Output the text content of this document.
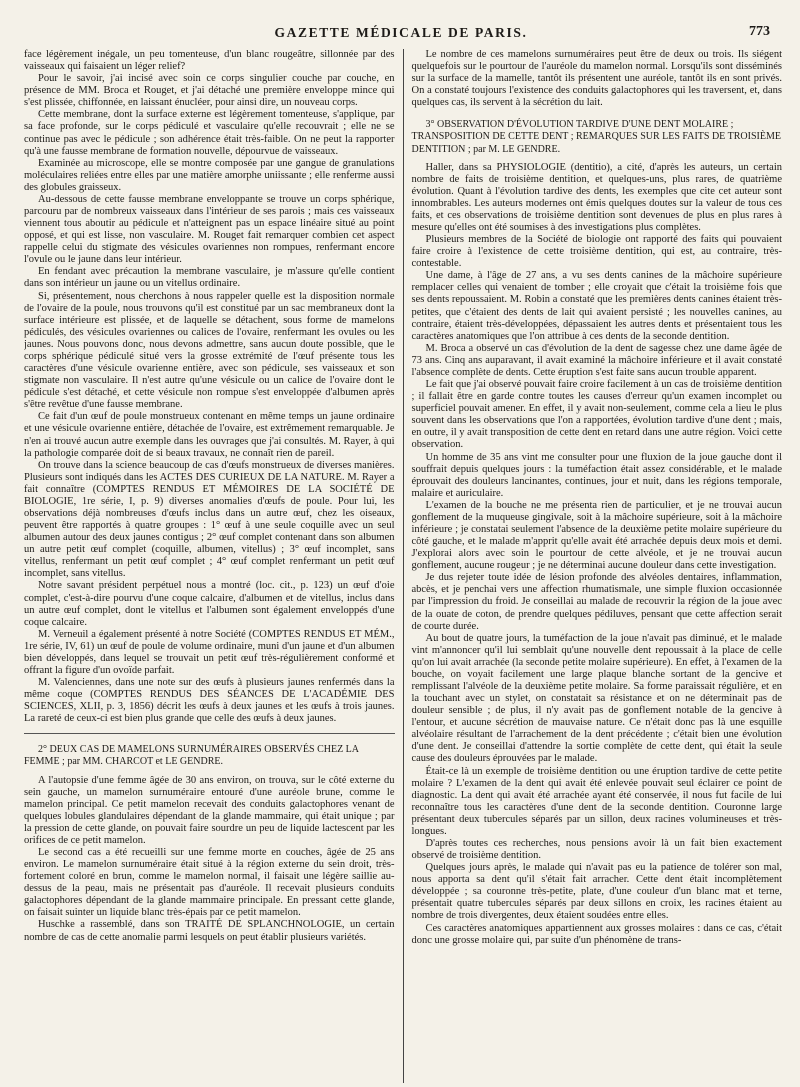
GAZETTE MÉDICALE DE PARIS.	773

face légèrement inégale, un peu tomenteuse, d'un blanc rougeâtre, sillonnée par des vaisseaux qui faisaient un léger relief?

Pour le savoir, j'ai incisé avec soin ce corps singulier couche par couche, en présence de MM. Broca et Rouget, et j'ai détaché une première enveloppe mince qui s'est plissée, chiffonnée, en laissant énucléer, pour ainsi dire, un nouveau corps.

Cette membrane, dont la surface externe est légèrement tomenteuse, s'applique, par sa face profonde, sur le corps pédiculé et vasculaire qu'elle recouvrait ; elle ne se continue pas avec le pédicule ; son adhérence était très-faible. On ne peut la rapporter qu'à une fausse membrane de formation nouvelle, dépourvue de vaisseaux.

Examinée au microscope, elle se montre composée par une gangue de granulations moléculaires reliées entre elles par une matière amorphe uniissante ; elle renferme aussi des globules graisseux.

Au-dessous de cette fausse membrane enveloppante se trouve un corps sphérique, parcouru par de nombreux vaisseaux dans l'intérieur de ses parois ; mais ces vaisseaux viennent tous aboutir au pédicule et n'atteignent pas un espace linéaire situé au point opposé, et qui est lisse, non vasculaire. M. Rouget fait remarquer combien cet aspect rappelle celui du stigmate des vésicules ovariennes non rompues, renfermant encore l'ovule ou le jaune dans leur intérieur.

En fendant avec précaution la membrane vasculaire, je m'assure qu'elle contient dans son intérieur un jaune ou un vitellus ordinaire.

Si, présentement, nous cherchons à nous rappeler quelle est la disposition normale de l'ovaire de la poule, nous trouvons qu'il est constitué par un sac membraneux dont la surface intérieure est plissée, et de laquelle se détachent, sous forme de mamelons pédiculés, des vésicules ovariennes ou calices de l'ovaire, renfermant les ovules ou les jaunes. Nous pouvons donc, nous devons admettre, sans aucun doute possible, que le corps sphérique pédiculé situé vers la grosse extrémité de l'œuf présente tous les caractères d'une vésicule ovarienne entière, avec son pédicule, ses vaisseaux et son stigmate non vasculaire. Il n'est autre qu'une vésicule ou un calice de l'ovaire dont le pédicule s'est détaché, et cette vésicule non rompue s'est enveloppée d'albumen après s'être revêtue d'une fausse membrane.

Ce fait d'un œuf de poule monstrueux contenant en même temps un jaune ordinaire et une vésicule ovarienne entière, détachée de l'ovaire, est extrêmement remarquable. Je n'en ai trouvé aucun autre exemple dans les ouvrages que j'ai consultés. M. Rayer, à qui la pathologie comparée doit de si beaux travaux, ne connaît rien de pareil.

On trouve dans la science beaucoup de cas d'œufs monstrueux de diverses manières. Plusieurs sont indiqués dans les ACTES DES CURIEUX DE LA NATURE. M. Rayer a fait connaître (COMPTES RENDUS ET MÉMOIRES DE LA SOCIÉTÉ DE BIOLOGIE, 1re série, I, p. 9) diverses anomalies d'œufs de poule. Pour lui, les observations déjà nombreuses d'œufs inclus dans un autre œuf, chez les oiseaux, peuvent être rapportés à quatre groupes : 1° œuf à une seule coquille avec un seul albumen autour des deux jaunes contigus ; 2° œuf complet contenant dans son albumen un autre petit œuf complet (coquille, albumen, vitellus) ; 3° œuf incomplet, sans vitellus, renfermant un petit œuf complet ; 4° œuf complet renfermant un petit œuf incomplet, sans vitellus.

Notre savant président perpétuel nous a montré (loc. cit., p. 123) un œuf d'oie complet, c'est-à-dire pourvu d'une coque calcaire, d'albumen et de vitellus, inclus dans un autre œuf complet, dont le vitellus et l'albumen sont également enveloppés d'une coque calcaire.

M. Verneuil a également présenté à notre Société (COMPTES RENDUS ET MÉM., 1re série, IV, 61) un œuf de poule de volume ordinaire, muni d'un jaune et d'un albumen bien développés, dans lequel se trouvait un petit œuf très-régulièrement conformé et offrant la figure d'un ovoïde parfait.

M. Valenciennes, dans une note sur des œufs à plusieurs jaunes renfermés dans la même coque (COMPTES RENDUS DES SÉANCES DE L'ACADÉMIE DES SCIENCES, XLII, p. 3, 1856) décrit les œufs à deux jaunes et les œufs à trois jaunes. La rareté de ceux-ci est bien plus grande que celle des œufs à deux jaunes.

2° DEUX CAS DE MAMELONS SURNUMÉRAIRES OBSERVÉS CHEZ LA FEMME ; par MM. CHARCOT et LE GENDRE.

A l'autopsie d'une femme âgée de 30 ans environ, on trouva, sur le côté externe du sein gauche, un mamelon surnuméraire entouré d'une auréole brune, comme le mamelon principal. Ce petit mamelon recevait des conduits galactophores venant de quelques lobules glandulaires dépendant de la glande mammaire, qui était unique ; par la pression de cette glande, on pouvait faire sourdre un peu de liquide lactescent par les orifices de ce petit mamelon.

Le second cas a été recueilli sur une femme morte en couches, âgée de 25 ans environ. Le mamelon surnuméraire était situé à la région externe du sein droit, très-fortement coloré en brun, comme le mamelon normal, il faisait une légère saillie au-dessus de la peau, mais ne présentait pas d'auréole. Il recevait plusieurs conduits galactophores dépendant de la glande mammaire principale. En pressant cette glande, on faisait suinter un liquide blanc très-épais par ce petit mamelon.

Huschke a rassemblé, dans son TRAITÉ DE SPLANCHNOLOGIE, un certain nombre de cas de cette anomalie parmi lesquels on peut établir plusieurs variétés.

Le nombre de ces mamelons surnuméraires peut être de deux ou trois. Ils siégent quelquefois sur le pourtour de l'auréole du mamelon normal. Lorsqu'ils sont disséminés sur la surface de la mamelle, tantôt ils présentent une auréole, tantôt ils en sont privés. On a constaté toujours l'existence des conduits galactophores qui les traversent, et, dans quelques cas, ils servent à la sécrétion du lait.

3° OBSERVATION D'ÉVOLUTION TARDIVE D'UNE DENT MOLAIRE ; TRANSPOSITION DE CETTE DENT ; REMARQUES SUR LES FAITS DE TROISIÈME DENTITION ; par M. LE GENDRE.

Haller, dans sa PHYSIOLOGIE (dentitio), a cité, d'après les auteurs, un certain nombre de faits de troisième dentition, et quelques-uns, plus rares, de quatrième évolution. Quant à l'évolution tardive des dents, les exemples que cite cet auteur sont innombrables. Les auteurs modernes ont émis quelques doutes sur la valeur de tous ces faits, et ces observations de troisième dentition sont devenues de plus en plus rares à mesure qu'elles ont été soumises à des investigations plus complètes.

Plusieurs membres de la Société de biologie ont rapporté des faits qui pouvaient faire croire à l'existence de cette troisième dentition, qui est, au contraire, très-contestable.

Une dame, à l'âge de 27 ans, a vu ses dents canines de la mâchoire supérieure remplacer celles qui venaient de tomber ; elle croyait que c'était la troisième fois que ses dents repoussaient. M. Robin a constaté que les premières dents canines étaient très-petites, que c'étaient des dents de lait qui avaient persisté ; les nouvelles canines, au contraire, étaient très-développées, dépassaient les autres dents et présentaient tous les caractères anatomiques que l'on attribue à ces dents de la seconde dentition.

M. Broca a observé un cas d'évolution de la dent de sagesse chez une dame âgée de 73 ans. Cinq ans auparavant, il avait examiné la mâchoire inférieure et il avait constaté l'absence complète de dents. Cette éruption s'est faite sans aucun trouble apparent.

Le fait que j'ai observé pouvait faire croire facilement à un cas de troisième dentition ; il fallait être en garde contre toutes les causes d'erreur qu'un examen incomplet ou superficiel pouvait amener. En effet, il y avait non-seulement, comme cela a lieu le plus souvent dans les observations que l'on a rapportées, évolution tardive d'une dent ; mais, en outre, il y avait transposition de cette dent en retard dans une autre région. Voici cette observation.

Un homme de 35 ans vint me consulter pour une fluxion de la joue gauche dont il souffrait depuis quelques jours : la tuméfaction était assez considérable, et le malade éprouvait des douleurs lancinantes, continues, jour et nuit, dans les régions temporale, malaire et auriculaire.

L'examen de la bouche ne me présenta rien de particulier, et je ne trouvai aucun gonflement de la muqueuse gingivale, soit à la mâchoire supérieure, soit à la mâchoire inférieure ; je constatai seulement l'absence de la deuxième petite molaire supérieure du côté gauche, et le malade m'apprit qu'elle avait été arrachée depuis deux mois et demi. J'explorai alors avec soin le pourtour de cette alvéole, et je ne trouvai aucun gonflement, aucune rougeur ; je ne déterminai aucune douleur dans cette investigation.

Je dus rejeter toute idée de lésion profonde des alvéoles dentaires, inflammation, abcès, et je penchai vers une affection rhumatismale, une simple fluxion occasionnée par l'impression du froid. Je conseillai au malade de recouvrir la région de la joue avec de la ouate de coton, de prendre quelques pédiluves, pensant que cette affection serait de courte durée.

Au bout de quatre jours, la tuméfaction de la joue n'avait pas diminué, et le malade vint m'annoncer qu'il lui semblait qu'une nouvelle dent repoussait à la place de celle qu'on lui avait arrachée (la seconde petite molaire supérieure). En effet, à l'examen de la bouche, on voyait facilement une large plaque blanche sortant de la gencive et remplissant l'alvéole de la deuxième petite molaire. Sa forme paraissait régulière, et en la touchant avec un stylet, on constatait sa résistance et on ne déterminait pas de douleur sensible ; de plus, il n'y avait pas de gonflement notable de la gencive à l'entour, et aucune sécrétion de mauvaise nature. Ce n'était donc pas là une esquille alvéolaire résultant de l'arrachement de la dent précédente ; c'était bien une évolution d'une dent. Je conseillai d'attendre la sortie complète de cette dent, qui était la seule cause des douleurs éprouvées par le malade.

Était-ce là un exemple de troisième dentition ou une éruption tardive de cette petite molaire ? L'examen de la dent qui avait été enlevée pouvait seul éclairer ce point de diagnostic. La dent qui avait été arrachée ayant été conservée, il nous fut facile de lui reconnaître tous les caractères d'une dent de la seconde dentition. Couronne large présentant deux tubercules séparés par un sillon, deux racines volumineuses et très-longues.

D'après toutes ces recherches, nous pensions avoir là un fait bien exactement observé de troisième dentition.

Quelques jours après, le malade qui n'avait pas eu la patience de tolérer son mal, nous apporta sa dent qu'il s'était fait arracher. Cette dent était incomplètement développée ; sa couronne très-petite, plate, d'une couleur d'un blanc mat et terne, présentait quatre tubercules séparés par deux sillons en croix, les racines étaient au nombre de trois divergentes, deux étaient soudées entre elles.

Ces caractères anatomiques appartiennent aux grosses molaires : dans ce cas, c'était donc une grosse molaire qui, par suite d'un phénomène de trans-
